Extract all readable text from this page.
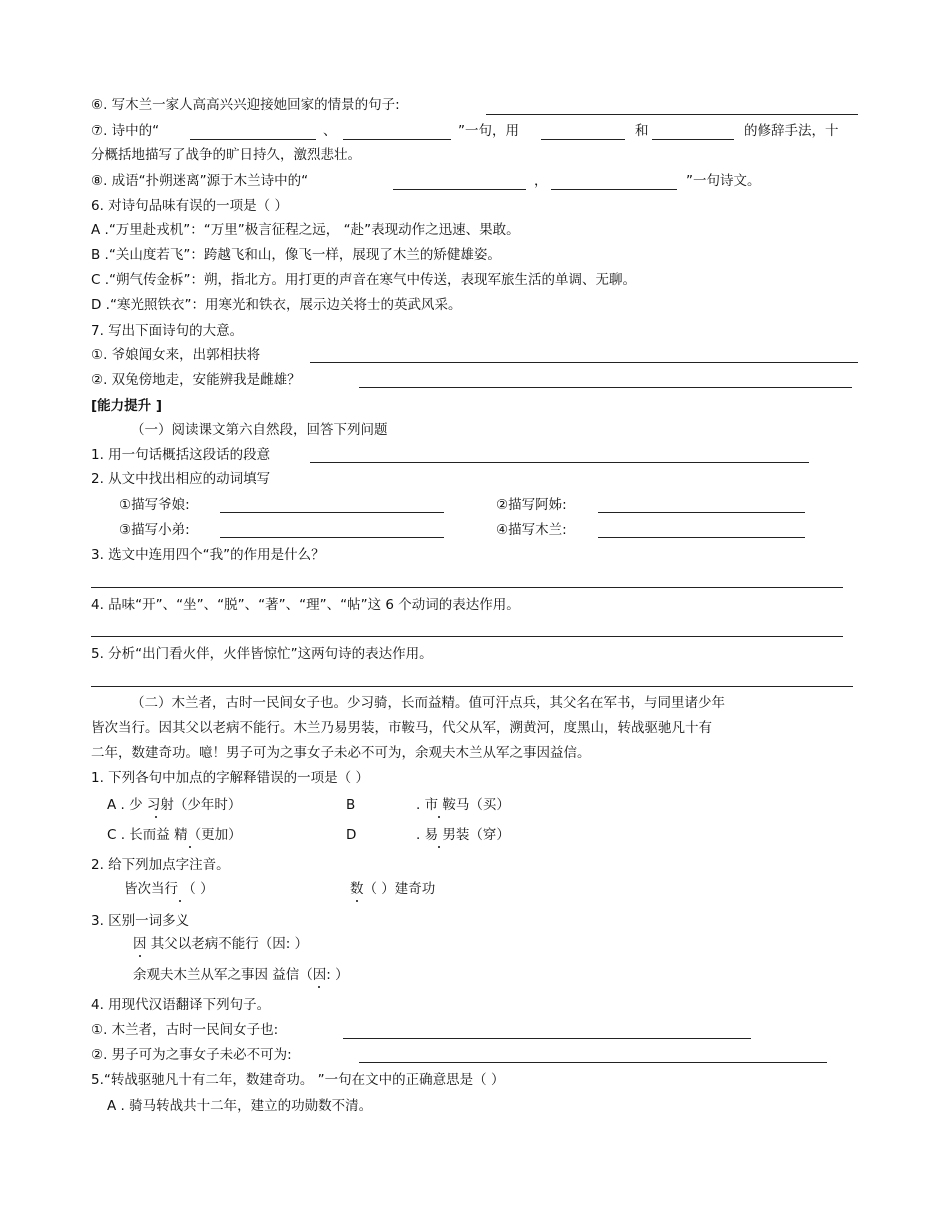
⑥. 写木兰一家人高高兴兴迎接她回家的情景的句子:
⑦. 诗中的“	、	”一句，用	和	的修辞手法，十
分概括地描写了战争的旷日持久，激烈悲壮。
⑧. 成语“扑朔迷离”源于木兰诗中的“	，	”一句诗文。
6. 对诗句品味有误的一项是（ ）
A .“万里赴戎机”：“万里”极言征程之远， “赴”表现动作之迅速、果敢。
B .“关山度若飞”：跨越飞和山，像飞一样，展现了木兰的矫健雄姿。
C .“朔气传金柝”：朔，指北方。用打更的声音在寒气中传送，表现军旅生活的单调、无聊。
D .“寒光照铁衣”：用寒光和铁衣，展示边关将士的英武风采。
7. 写出下面诗句的大意。
①. 爷娘闻女来，出郭相扶将
②. 双兔傍地走，安能辨我是雌雄？
[能力提升 ]
（一）阅读课文第六自然段，回答下列问题
1. 用一句话概括这段话的段意
2. 从文中找出相应的动词填写
①描写爷娘:	②描写阿姊:
③描写小弟:	④描写木兰:
3. 选文中连用四个“我”的作用是什么？
4. 品味“开”、“坐”、“脱”、“著”、“理”、“帖”这 6 个动词的表达作用。
5. 分析“出门看火伴，火伴皆惊忙”这两句诗的表达作用。
（二）木兰者，古时一民间女子也。少习骑，长而益精。值可汗点兵，其父名在军书，与同里诸少年
皆次当行。因其父以老病不能行。木兰乃易男装，市鞍马，代父从军，溯黄河，度黑山，转战驱驰凡十有
二年，数建奇功。噫！男子可为之事女子未必不可为，余观夫木兰从军之事因益信。
1. 下列各句中加点的字解释错误的一项是（ ）
A . 少 习射（少年时）	B	. 市 鞍马（买）
C . 长而益 精（更加）	D	. 易 男装（穿）
2. 给下列加点字注音。
皆次当行 （ ）	数（ ）建奇功
3. 区别一词多义
因 其父以老病不能行（因: ）
余观夫木兰从军之事因 益信（因: ）
4. 用现代汉语翻译下列句子。
①. 木兰者，古时一民间女子也:
②. 男子可为之事女子未必不可为:
5.“转战驱驰凡十有二年，数建奇功。 ”一句在文中的正确意思是（ ）
A . 骑马转战共十二年，建立的功勋数不清。
